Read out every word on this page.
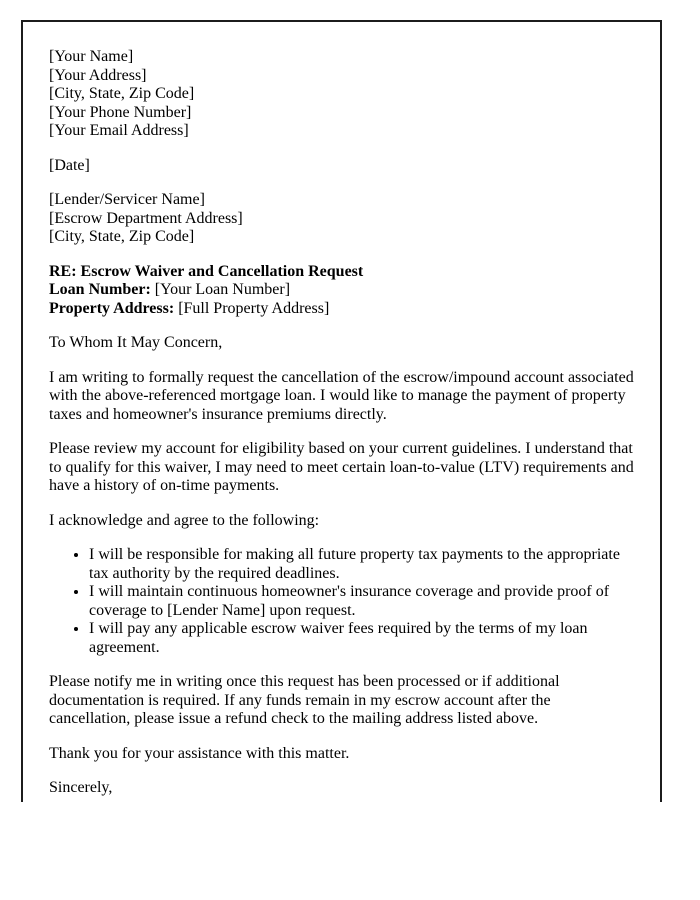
[Your Name]
[Your Address]
[City, State, Zip Code]
[Your Phone Number]
[Your Email Address]
[Date]
[Lender/Servicer Name]
[Escrow Department Address]
[City, State, Zip Code]
RE: Escrow Waiver and Cancellation Request
Loan Number: [Your Loan Number]
Property Address: [Full Property Address]
To Whom It May Concern,
I am writing to formally request the cancellation of the escrow/impound account associated with the above-referenced mortgage loan. I would like to manage the payment of property taxes and homeowner's insurance premiums directly.
Please review my account for eligibility based on your current guidelines. I understand that to qualify for this waiver, I may need to meet certain loan-to-value (LTV) requirements and have a history of on-time payments.
I acknowledge and agree to the following:
• I will be responsible for making all future property tax payments to the appropriate tax authority by the required deadlines.
• I will maintain continuous homeowner's insurance coverage and provide proof of coverage to [Lender Name] upon request.
• I will pay any applicable escrow waiver fees required by the terms of my loan agreement.
Please notify me in writing once this request has been processed or if additional documentation is required. If any funds remain in my escrow account after the cancellation, please issue a refund check to the mailing address listed above.
Thank you for your assistance with this matter.
Sincerely,
